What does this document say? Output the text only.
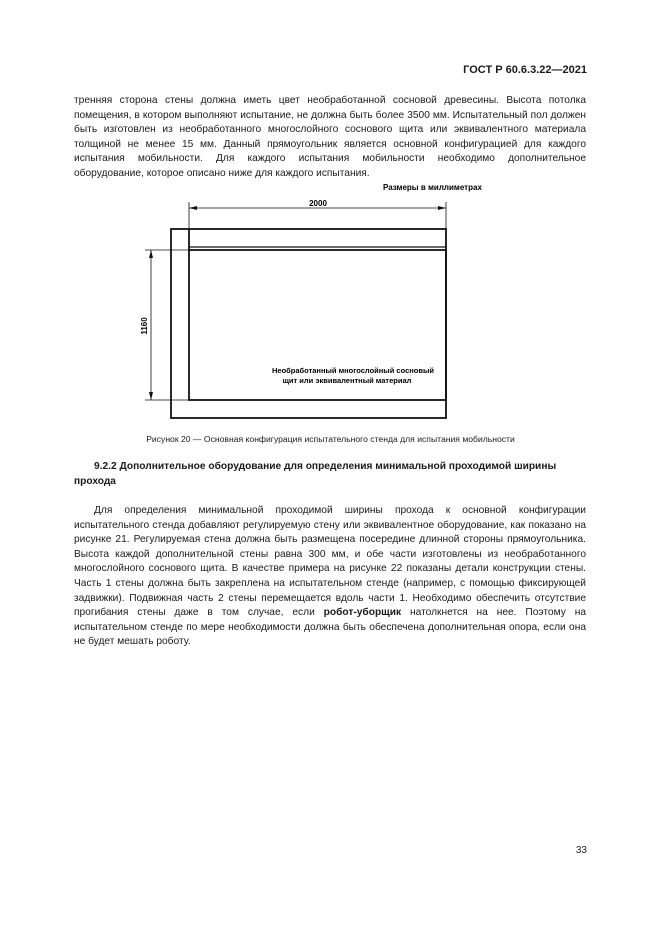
ГОСТ Р 60.6.3.22—2021

тренняя сторона стены должна иметь цвет необработанной сосновой древесины. Высота потолка помещения, в котором выполняют испытание, не должна быть более 3500 мм. Испытательный пол должен быть изготовлен из необработанного многослойного соснового щита или эквивалентного материала толщиной не менее 15 мм. Данный прямоугольник является основной конфигурацией для каждого испытания мобильности. Для каждого испытания мобильности необходимо дополнительное оборудование, которое описано ниже для каждого испытания.

Размеры в миллиметрах
2000
1160
Необработанный многослойный сосновый
щит или эквивалентный материал

Рисунок 20 — Основная конфигурация испытательного стенда для испытания мобильности

9.2.2 Дополнительное оборудование для определения минимальной проходимой ширины прохода

Для определения минимальной проходимой ширины прохода к основной конфигурации испытательного стенда добавляют регулируемую стену или эквивалентное оборудование, как показано на рисунке 21. Регулируемая стена должна быть размещена посередине длинной стороны прямоугольника. Высота каждой дополнительной стены равна 300 мм, и обе части изготовлены из необработанного многослойного соснового щита. В качестве примера на рисунке 22 показаны детали конструкции стены. Часть 1 стены должна быть закреплена на испытательном стенде (например, с помощью фиксирующей задвижки). Подвижная часть 2 стены перемещается вдоль части 1. Необходимо обеспечить отсутствие прогибания стены даже в том случае, если робот-уборщик натолкнется на нее. Поэтому на испытательном стенде по мере необходимости должна быть обеспечена дополнительная опора, если она не будет мешать роботу.

33
